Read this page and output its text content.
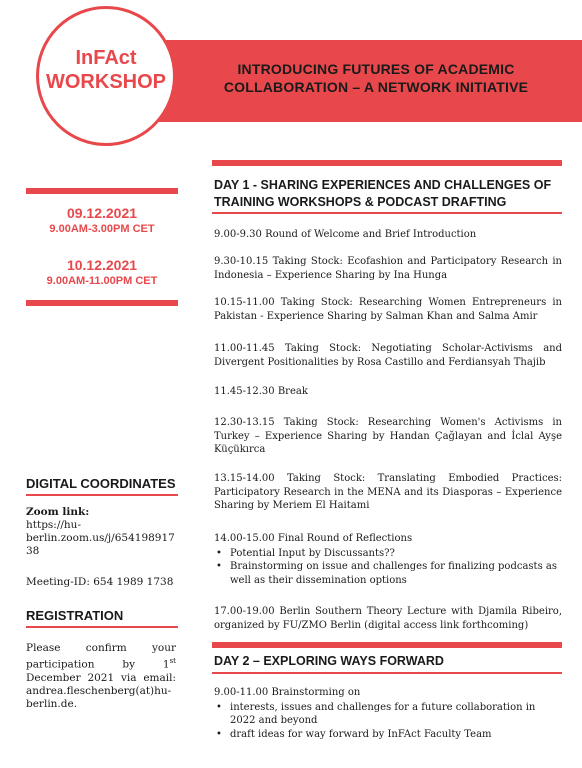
InFAct
WORKSHOP
INTRODUCING FUTURES OF ACADEMIC
COLLABORATION – A NETWORK INITIATIVE
09.12.2021
9.00AM-3.00PM CET
10.12.2021
9.00AM-11.00PM CET
DIGITAL COORDINATES
Zoom link:
https://hu-
berlin.zoom.us/j/654198917
38
Meeting-ID: 654 1989 1738
REGISTRATION
Please confirm your
participation by 1st
December 2021 via email:
andrea.fleschenberg(at)hu-
berlin.de.
DAY 1 - SHARING EXPERIENCES AND CHALLENGES OF
TRAINING WORKSHOPS & PODCAST DRAFTING
9.00-9.30 Round of Welcome and Brief Introduction
9.30-10.15 Taking Stock: Ecofashion and Participatory Research in Indonesia – Experience Sharing by Ina Hunga
10.15-11.00 Taking Stock: Researching Women Entrepreneurs in Pakistan - Experience Sharing by Salman Khan and Salma Amir
11.00-11.45 Taking Stock: Negotiating Scholar-Activisms and Divergent Positionalities by Rosa Castillo and Ferdiansyah Thajib
11.45-12.30 Break
12.30-13.15 Taking Stock: Researching Women's Activisms in Turkey – Experience Sharing by Handan Çağlayan and İclal Ayşe Küçükırca
13.15-14.00 Taking Stock: Translating Embodied Practices: Participatory Research in the MENA and its Diasporas – Experience Sharing by Meriem El Haitami
14.00-15.00 Final Round of Reflections
• Potential Input by Discussants??
• Brainstorming on issue and challenges for finalizing podcasts as well as their dissemination options
17.00-19.00 Berlin Southern Theory Lecture with Djamila Ribeiro, organized by FU/ZMO Berlin (digital access link forthcoming)
DAY 2 – EXPLORING WAYS FORWARD
9.00-11.00 Brainstorming on
• interests, issues and challenges for a future collaboration in 2022 and beyond
• draft ideas for way forward by InFAct Faculty Team
